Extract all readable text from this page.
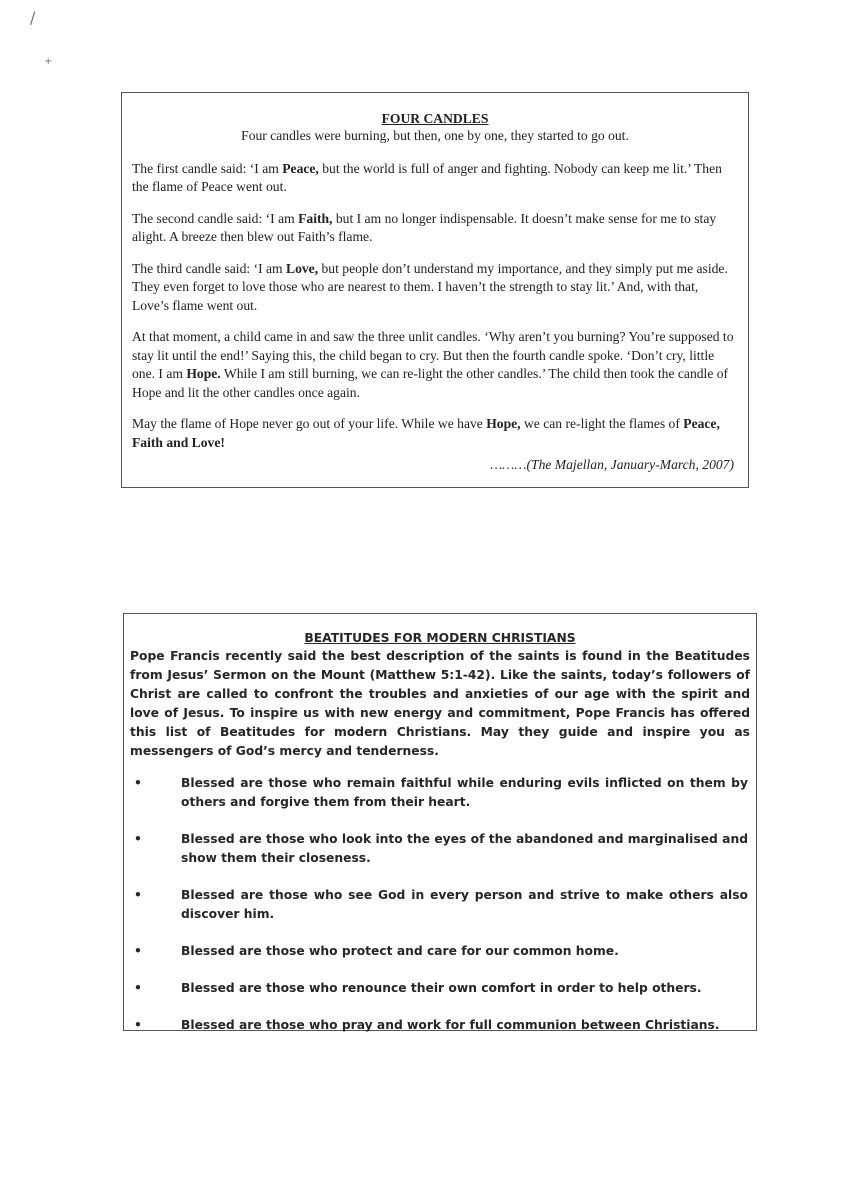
/
+

FOUR CANDLES

Four candles were burning, but then, one by one, they started to go out.

The first candle said: ‘I am Peace, but the world is full of anger and fighting. Nobody can keep me lit.’ Then the flame of Peace went out.

The second candle said: ‘I am Faith, but I am no longer indispensable. It doesn’t make sense for me to stay alight. A breeze then blew out Faith’s flame.

The third candle said: ‘I am Love, but people don’t understand my importance, and they simply put me aside. They even forget to love those who are nearest to them. I haven’t the strength to stay lit.’ And, with that, Love’s flame went out.

At that moment, a child came in and saw the three unlit candles. ‘Why aren’t you burning? You’re supposed to stay lit until the end!’ Saying this, the child began to cry. But then the fourth candle spoke. ‘Don’t cry, little one. I am Hope. While I am still burning, we can re-light the other candles.’ The child then took the candle of Hope and lit the other candles once again.

May the flame of Hope never go out of your life. While we have Hope, we can re-light the flames of Peace, Faith and Love!

………(The Majellan, January-March, 2007)

BEATITUDES FOR MODERN CHRISTIANS

Pope Francis recently said the best description of the saints is found in the Beatitudes from Jesus’ Sermon on the Mount (Matthew 5:1-42). Like the saints, today’s followers of Christ are called to confront the troubles and anxieties of our age with the spirit and love of Jesus. To inspire us with new energy and commitment, Pope Francis has offered this list of Beatitudes for modern Christians. May they guide and inspire you as messengers of God’s mercy and tenderness.

•	Blessed are those who remain faithful while enduring evils inflicted on them by others and forgive them from their heart.
•	Blessed are those who look into the eyes of the abandoned and marginalised and show them their closeness.
•	Blessed are those who see God in every person and strive to make others also discover him.
•	Blessed are those who protect and care for our common home.
•	Blessed are those who renounce their own comfort in order to help others.
•	Blessed are those who pray and work for full communion between Christians.
